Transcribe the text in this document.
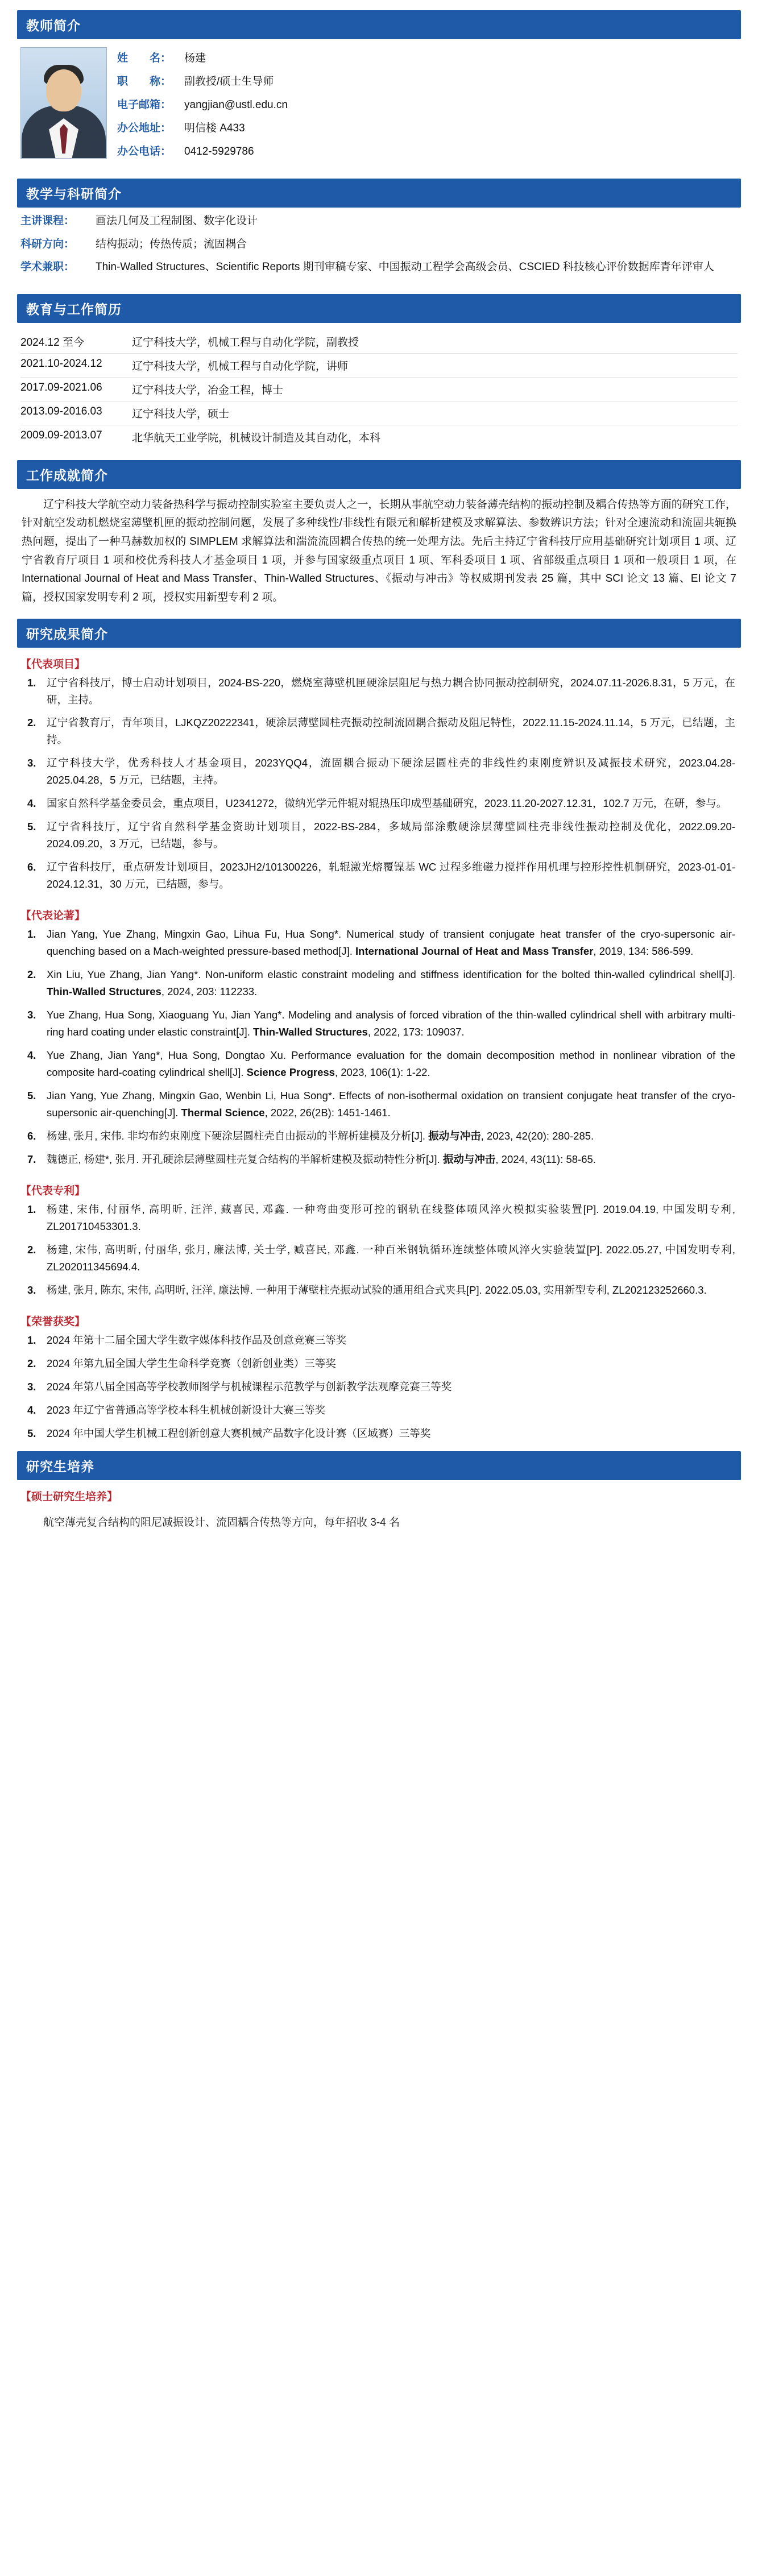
教师简介
姓　　名：	杨建
职　　称：	副教授/硕士生导师
电子邮箱：	yangjian@ustl.edu.cn
办公地址：	明信楼 A433
办公电话：	0412-5929786
教学与科研简介
主讲课程：	画法几何及工程制图、数字化设计
科研方向：	结构振动；传热传质；流固耦合
学术兼职：	Thin-Walled Structures、Scientific Reports 期刊审稿专家、中国振动工程学会高级会员、CSCIED 科技核心评价数据库青年评审人
教育与工作简历
2024.12 至今	辽宁科技大学，机械工程与自动化学院，副教授
2021.10-2024.12	辽宁科技大学，机械工程与自动化学院，讲师
2017.09-2021.06	辽宁科技大学，冶金工程，博士
2013.09-2016.03	辽宁科技大学，硕士
2009.09-2013.07	北华航天工业学院，机械设计制造及其自动化，本科
工作成就简介
辽宁科技大学航空动力装备热科学与振动控制实验室主要负责人之一，长期从事航空动力装备薄壳结构的振动控制及耦合传热等方面的研究工作，针对航空发动机燃烧室薄壁机匣的振动控制问题，发展了多种线性/非线性有限元和解析建模及求解算法、参数辨识方法；针对全速流动和流固共轭换热问题，提出了一种马赫数加权的 SIMPLEM 求解算法和湍流流固耦合传热的统一处理方法。先后主持辽宁省科技厅应用基础研究计划项目 1 项、辽宁省教育厅项目 1 项和校优秀科技人才基金项目 1 项，并参与国家级重点项目 1 项、军科委项目 1 项、省部级重点项目 1 项和一般项目 1 项，在 International Journal of Heat and Mass Transfer、Thin-Walled Structures、《振动与冲击》等权威期刊发表 25 篇，其中 SCI 论文 13 篇、EI 论文 7 篇，授权国家发明专利 2 项，授权实用新型专利 2 项。
研究成果简介
【代表项目】
辽宁省科技厅，博士启动计划项目，2024-BS-220，燃烧室薄壁机匣硬涂层阻尼与热力耦合协同振动控制研究，2024.07.11-2026.8.31，5 万元，在研，主持。
辽宁省教育厅，青年项目，LJKQZ20222341，硬涂层薄壁圆柱壳振动控制流固耦合振动及阻尼特性，2022.11.15-2024.11.14，5 万元，已结题，主持。
辽宁科技大学，优秀科技人才基金项目，2023YQQ4，流固耦合振动下硬涂层圆柱壳的非线性约束刚度辨识及减振技术研究，2023.04.28-2025.04.28，5 万元，已结题，主持。
国家自然科学基金委员会，重点项目，U2341272，微纳光学元件辊对辊热压印成型基础研究，2023.11.20-2027.12.31，102.7 万元，在研，参与。
辽宁省科技厅，辽宁省自然科学基金资助计划项目，2022-BS-284，多域局部涂敷硬涂层薄壁圆柱壳非线性振动控制及优化，2022.09.20-2024.09.20，3 万元，已结题，参与。
辽宁省科技厅，重点研发计划项目，2023JH2/101300226，轧辊激光熔覆镍基 WC 过程多维磁力搅拌作用机理与控形控性机制研究，2023-01-01-2024.12.31，30 万元，已结题，参与。
【代表论著】
Jian Yang, Yue Zhang, Mingxin Gao, Lihua Fu, Hua Song*. Numerical study of transient conjugate heat transfer of the cryo-supersonic air-quenching based on a Mach-weighted pressure-based method[J]. International Journal of Heat and Mass Transfer, 2019, 134: 586-599.
Xin Liu, Yue Zhang, Jian Yang*. Non-uniform elastic constraint modeling and stiffness identification for the bolted thin-walled cylindrical shell[J]. Thin-Walled Structures, 2024, 203: 112233.
Yue Zhang, Hua Song, Xiaoguang Yu, Jian Yang*. Modeling and analysis of forced vibration of the thin-walled cylindrical shell with arbitrary multi-ring hard coating under elastic constraint[J]. Thin-Walled Structures, 2022, 173: 109037.
Yue Zhang, Jian Yang*, Hua Song, Dongtao Xu. Performance evaluation for the domain decomposition method in nonlinear vibration of the composite hard-coating cylindrical shell[J]. Science Progress, 2023, 106(1): 1-22.
Jian Yang, Yue Zhang, Mingxin Gao, Wenbin Li, Hua Song*. Effects of non-isothermal oxidation on transient conjugate heat transfer of the cryo-supersonic air-quenching[J]. Thermal Science, 2022, 26(2B): 1451-1461.
杨建, 张月, 宋伟. 非均布约束刚度下硬涂层圆柱壳自由振动的半解析建模及分析[J]. 振动与冲击, 2023, 42(20): 280-285.
魏德正, 杨建*, 张月. 开孔硬涂层薄壁圆柱壳复合结构的半解析建模及振动特性分析[J]. 振动与冲击, 2024, 43(11): 58-65.
【代表专利】
杨建, 宋伟, 付丽华, 高明昕, 汪洋, 藏喜民, 邓鑫. 一种弯曲变形可控的钢轨在线整体喷风淬火模拟实验装置[P]. 2019.04.19, 中国发明专利, ZL201710453301.3.
杨建, 宋伟, 高明昕, 付丽华, 张月, 廉法博, 关士学, 臧喜民, 邓鑫. 一种百米钢轨循环连续整体喷风淬火实验装置[P]. 2022.05.27, 中国发明专利, ZL202011345694.4.
杨建, 张月, 陈东, 宋伟, 高明昕, 汪洋, 廉法博. 一种用于薄壁柱壳振动试验的通用组合式夹具[P]. 2022.05.03, 实用新型专利, ZL202123252660.3.
【荣誉获奖】
2024 年第十二届全国大学生数字媒体科技作品及创意竞赛三等奖
2024 年第九届全国大学生生命科学竞赛（创新创业类）三等奖
2024 年第八届全国高等学校教师图学与机械课程示范教学与创新教学法观摩竞赛三等奖
2023 年辽宁省普通高等学校本科生机械创新设计大赛三等奖
2024 年中国大学生机械工程创新创意大赛机械产品数字化设计赛（区域赛）三等奖
研究生培养
【硕士研究生培养】
航空薄壳复合结构的阻尼减振设计、流固耦合传热等方向，每年招收 3-4 名
